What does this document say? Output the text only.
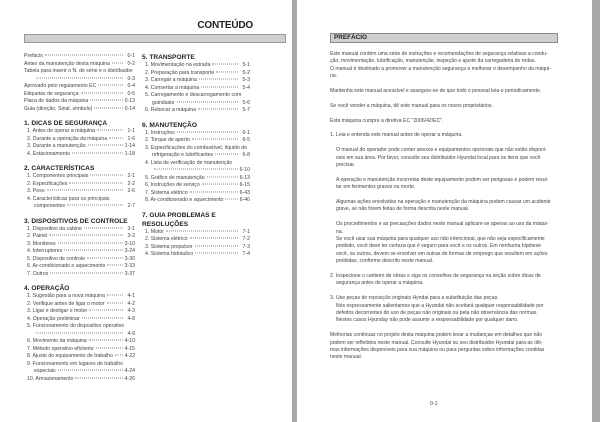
CONTEÚDO
Prefácio	0-1
Antes da manutenção desta máquina	0-2
Tabela para inserir o N. de série e o distribuidor
0-3
Aprovado pelo regulamento EC	0-4
Etiquetas de segurança	0-5
Placa de dados da máquina	0-13
Guia (direção, Sinal, símbolo)	0-14
1. DICAS DE SEGURANÇA
1. Antes de operar a máquina	1-1
2. Durante a operação da máquina	1-6
3. Durante a manutenção	1-14
4. Estacionamento	1-18
2. CARACTERÍSTICAS
1. Componentes principais	2-1
2. Especificações	2-2
3. Peso	2-6
4. Características para os principais
componentes	2-7
3. DISPOSITIVOS DE CONTROLE
1. Dispositivo da cabine	3-1
2. Painel	3-2
3. Monitores	3-10
4. Interruptores	3-24
5. Dispositivo de controle	3-30
6. Ar-condicionado e aquecimento	3-33
7. Outros	3-37
4. OPERAÇÃO
1. Sugestão para a nova máquina	4-1
2. Verifique antes de ligar o motor	4-2
3. Ligar e desligar o motor	4-3
4. Operação preliminar	4-8
5. Funcionamento do dispositivo operativo
4-9
6. Movimento da máquina	4-10
7. Método operativo eficiente	4-15
8. Ajuste do equipamento de trabalho 4-22
9. Funcionamento em lugares de trabalho
especiais	4-24
10. Armazenamento	4-26
5. TRANSPORTE
1. Movimentação na estrada	5-1
2. Preparação para transporte	5-2
3. Carregar a máquina	5-3
4. Consertar a máquina	5-4
5. Carregamento e descarregamento com
guindaste	5-6
6. Rebocar a máquina	5-7
6. MANUTENÇÃO
1. Instruções	6-1
2. Torque de aperto	6-5
3. Especificações do combustível, líquido de
refrigeração e lubrificantes	6-8
4. Lista de verificação de manutenção
6-10
5. Gráfico de manutenção	6-13
6. Instruções de serviço	6-15
7. Sistema elétrico	6-43
8. Ar-condicionado e aquecimento	6-46
7. GUIA PROBLEMAS E RESOLUÇÕES
1. Motor	7-1
2. Sistema elétrico	7-2
3. Sistema propulsor	7-3
4. Sistema hidráulico	7-4
PREFÁCIO
Este manual contém uma série de instruções e recomendações de segurança relativas a condu-
ção, movimentação, lubrificação, manutenção, inspeção e ajuste da carregadeira de rodas.
O manual é destinado a promover a manutenção segurança e melhorar o desempenho da máqui-
na.
Mantenha este manual acessível e assegure-se de que todo o pessoal leia-o periodicamente.
Se você vender a máquina, dê este manual para os novos proprietários.
Esta máquina cumpre a diretiva EC "2006/42/EC".
1. Leia e entenda este manual antes de operar a máquina.
O manual do operador pode conter anexos e equipamentos opcionais que não estão disponí-
veis em sua área. Por favor, consulte seu distribuidor Hyundai local para os itens que você
precisar.
A operação e manutenção incorretas deste equipamento podem ser perigosas e podem resul-
tar em ferimentos graves ou morte.
Algumas ações envolvidas na operação e manutenção da máquina podem causar um acidente
grave, se não forem feitas de forma descrita neste manual.
Os procedimentos e as precauções dados neste manual aplicam-se apenas ao uso da máqui-
na.
Se você usar sua máquina para qualquer uso não intencional, que não seja especificamente
proibido, você deve ter certeza que é seguro para você e os outros. Em nenhuma hipótese
você, ou outros, devem se envolver em outras de formas de emprego que resultem em ações
proibidas, conforme descrito neste manual.
2. Inspecione o canteiro de obras e siga os conselhos de segurança na seção sobre dicas de
segurança antes de operar a máquina.
3. Use peças de reposição originais Hyndai para a substituição das peças.
Nós expressamente salientamos que a Hyundai não aceitará qualquer responsabilidade por
defeitos decorrentes do uso de peças não originais ou pela não observância das normas.
Nestes casos Hyunday não pode assumir a responsabilidade por qualquer dano.
Melhorias contínuas no projeto desta máquina podem levar a mudanças em detalhes que não
podem ser refletidos neste manual. Consulte Hyundai ou seu distribuidor Hyundai para as últi-
mas informações disponíveis para sua máquina ou para perguntas sobre informações contidas
neste manual.
0-1
